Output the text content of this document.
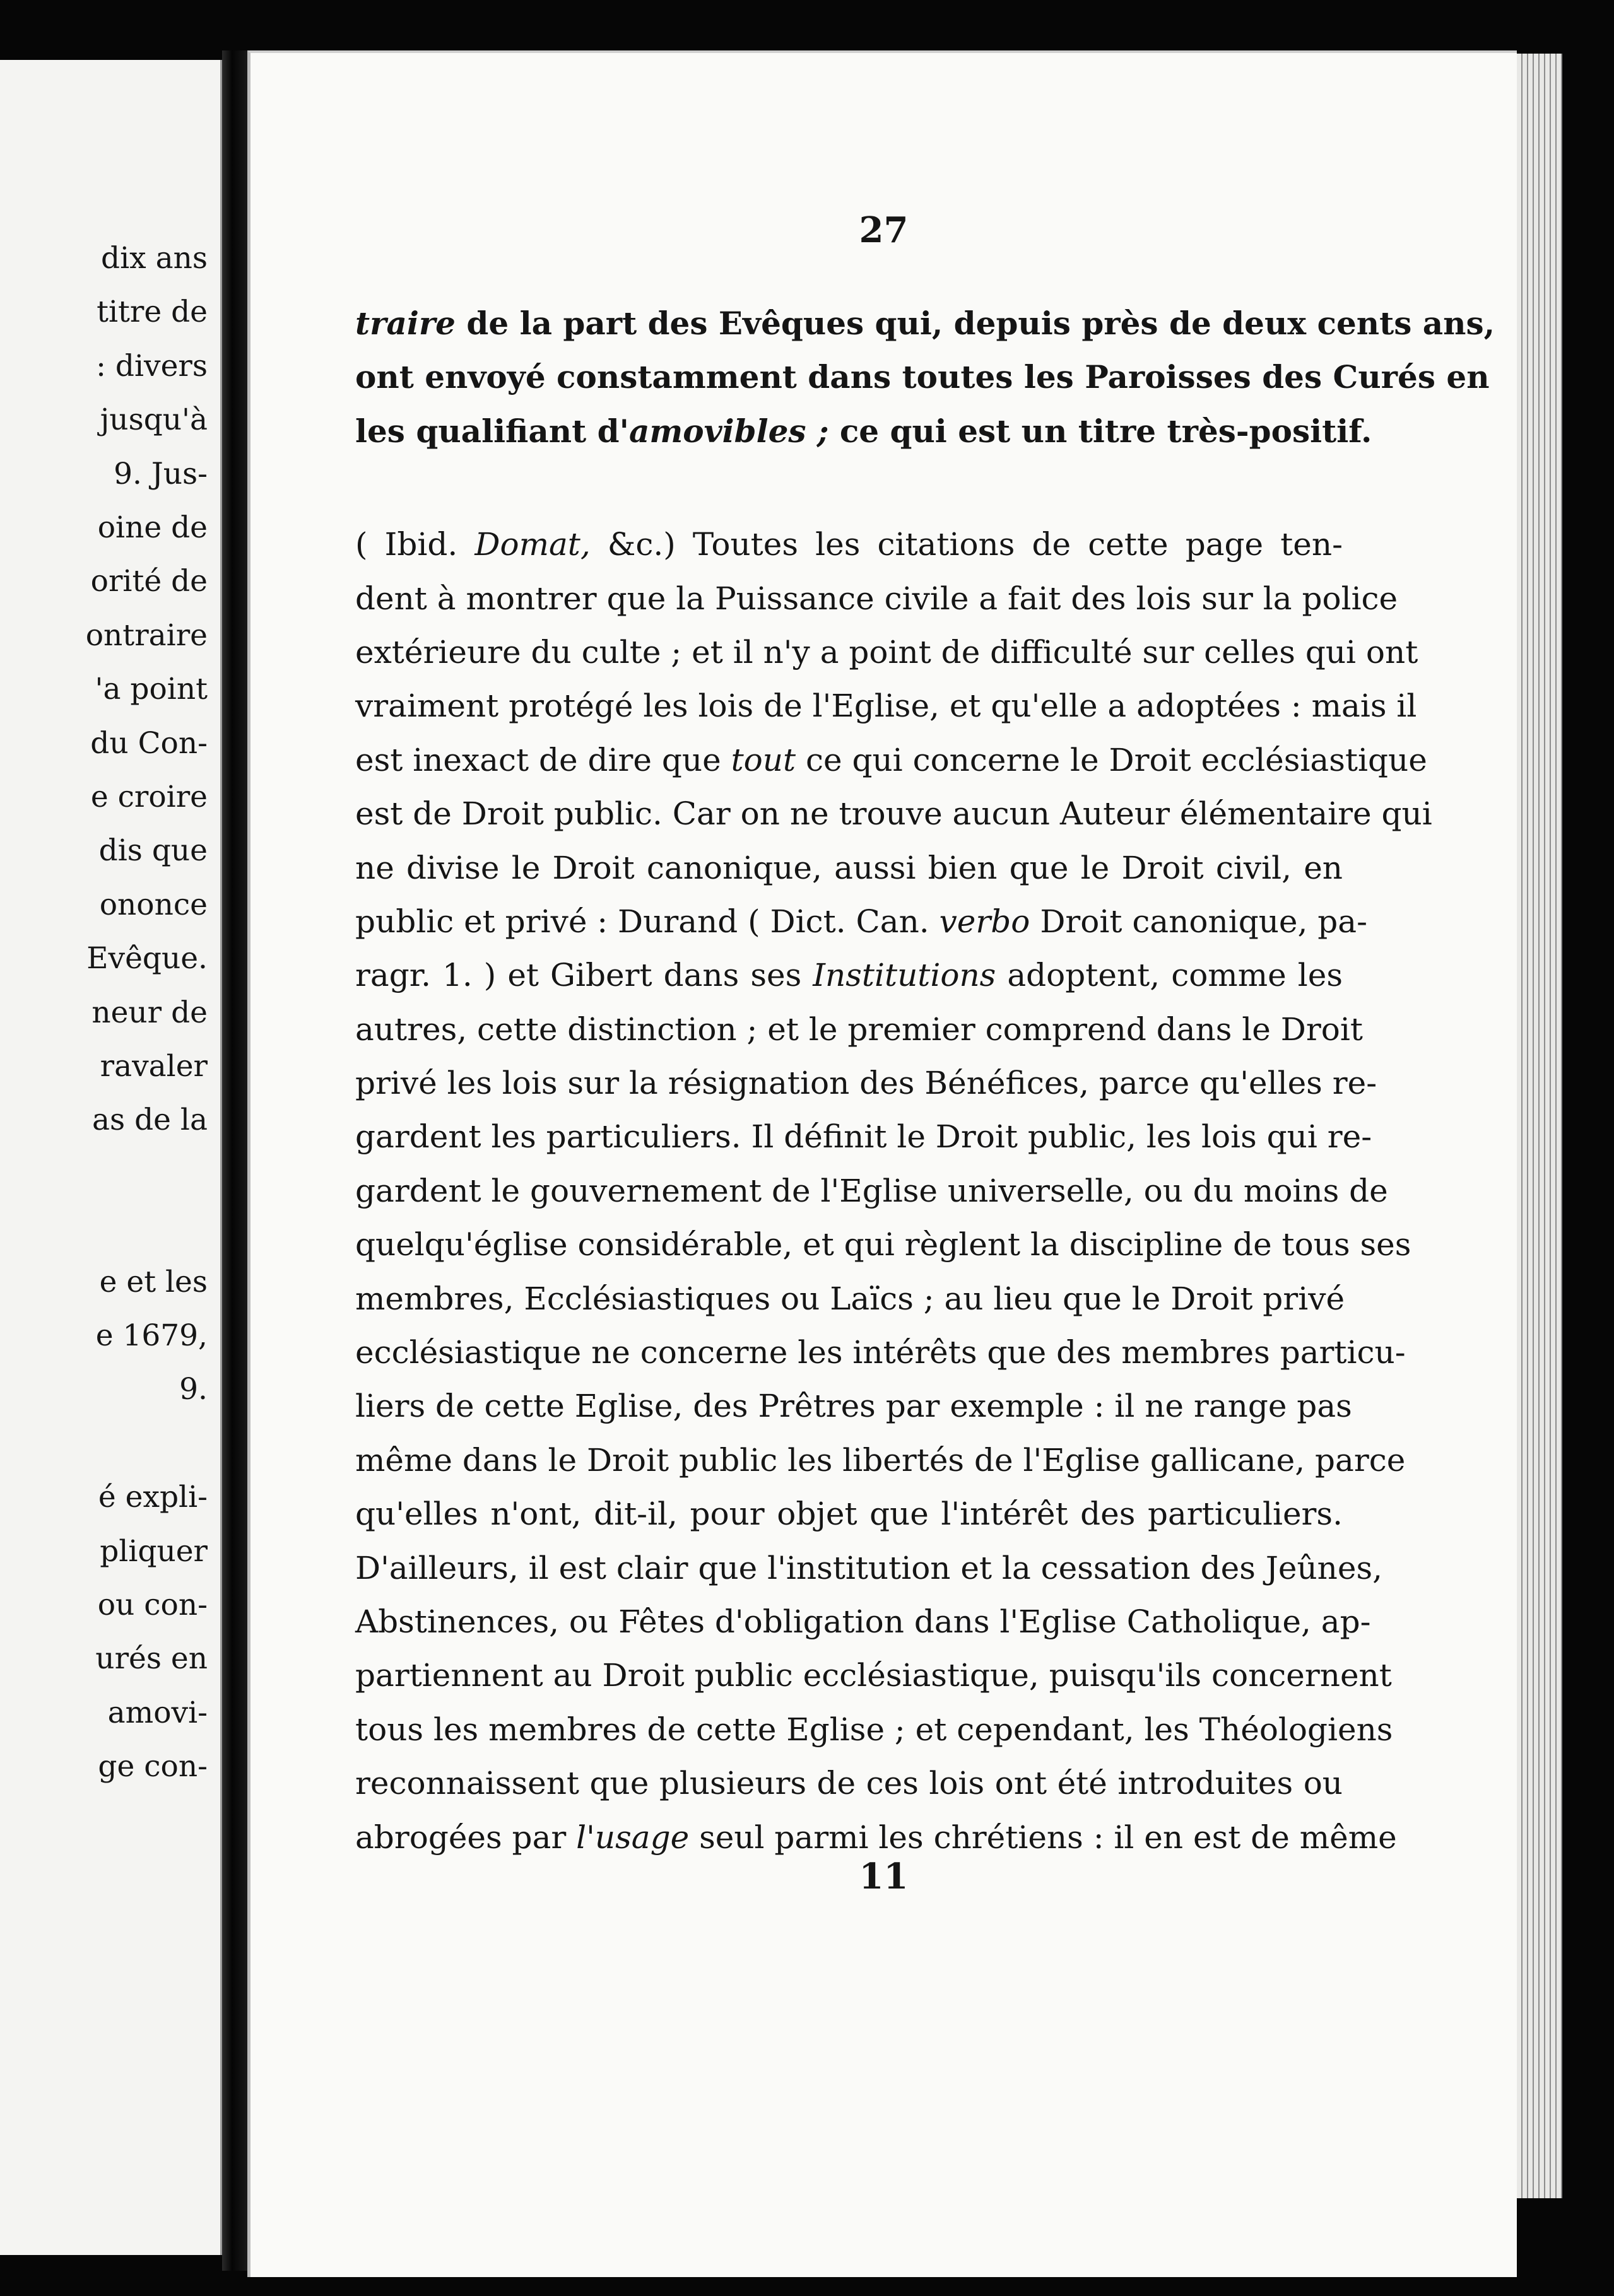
dix ans
titre de
: divers
jusqu'à
9. Jus-
oine de
orité de
ontraire
'a point
du Con-
e croire
dis que
ononce
Evêque.
neur de
ravaler
as de la
e et les
e 1679,
9.
é expli-
pliquer
ou con-
urés en
amovi-
ge con-
27
traire de la part des Evêques qui, depuis près de deux cents ans,
ont envoyé constamment dans toutes les Paroisses des Curés en
les qualifiant d'amovibles ; ce qui est un titre très-positif.
( Ibid. Domat, &c.) Toutes les citations de cette page ten-
dent à montrer que la Puissance civile a fait des lois sur la police
extérieure du culte ; et il n'y a point de difficulté sur celles qui ont
vraiment protégé les lois de l'Eglise, et qu'elle a adoptées : mais il
est inexact de dire que tout ce qui concerne le Droit ecclésiastique
est de Droit public. Car on ne trouve aucun Auteur élémentaire qui
ne divise le Droit canonique, aussi bien que le Droit civil, en
public et privé : Durand ( Dict. Can. verbo Droit canonique, pa-
ragr. 1. ) et Gibert dans ses Institutions adoptent, comme les
autres, cette distinction ; et le premier comprend dans le Droit
privé les lois sur la résignation des Bénéfices, parce qu'elles re-
gardent les particuliers. Il définit le Droit public, les lois qui re-
gardent le gouvernement de l'Eglise universelle, ou du moins de
quelqu'église considérable, et qui règlent la discipline de tous ses
membres, Ecclésiastiques ou Laïcs ; au lieu que le Droit privé
ecclésiastique ne concerne les intérêts que des membres particu-
liers de cette Eglise, des Prêtres par exemple : il ne range pas
même dans le Droit public les libertés de l'Eglise gallicane, parce
qu'elles n'ont, dit-il, pour objet que l'intérêt des particuliers.
D'ailleurs, il est clair que l'institution et la cessation des Jeûnes,
Abstinences, ou Fêtes d'obligation dans l'Eglise Catholique, ap-
partiennent au Droit public ecclésiastique, puisqu'ils concernent
tous les membres de cette Eglise ; et cependant, les Théologiens
reconnaissent que plusieurs de ces lois ont été introduites ou
abrogées par l'usage seul parmi les chrétiens : il en est de même
11
